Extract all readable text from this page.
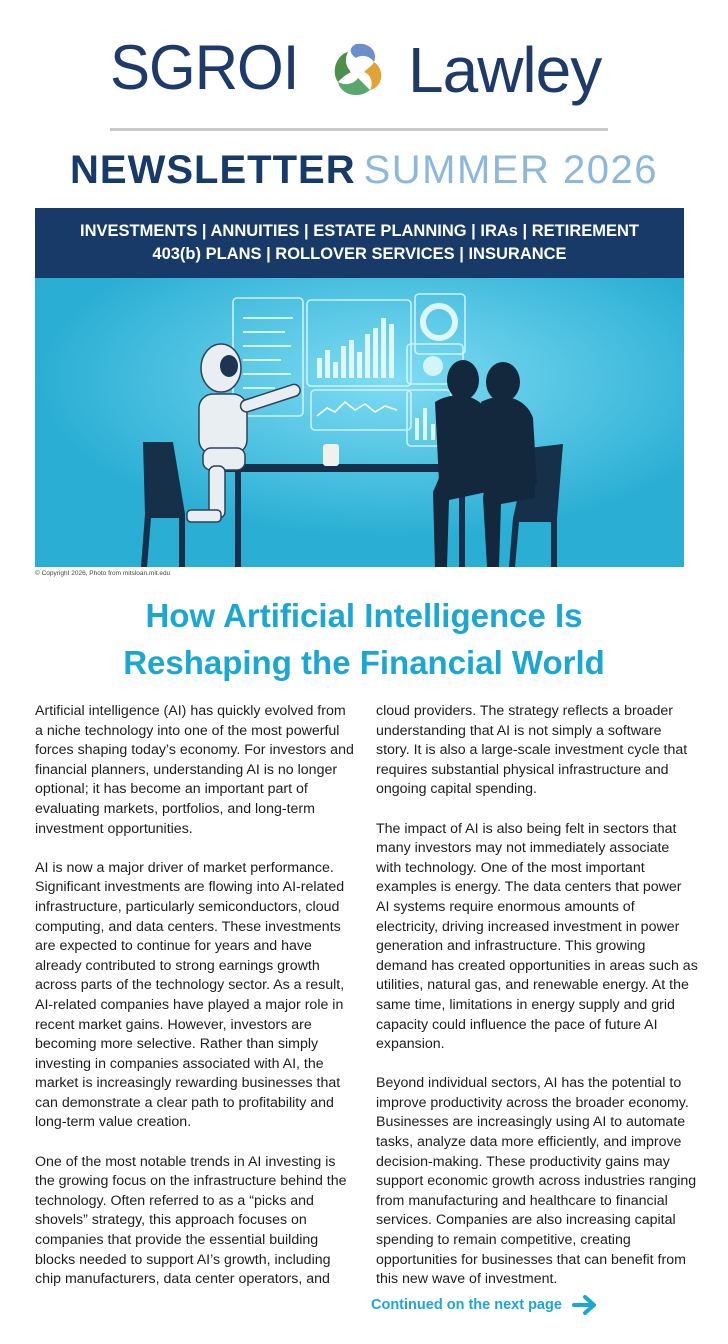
SGROI Lawley
NEWSLETTER SUMMER 2026
INVESTMENTS | ANNUITIES | ESTATE PLANNING | IRAs | RETIREMENT
403(b) PLANS | ROLLOVER SERVICES | INSURANCE
© Copyright 2026, Photo from mitsloan.mit.edu
How Artificial Intelligence Is
Reshaping the Financial World

Artificial intelligence (AI) has quickly evolved from a niche technology into one of the most powerful forces shaping today’s economy. For investors and financial planners, understanding AI is no longer optional; it has become an important part of evaluating markets, portfolios, and long-term investment opportunities.

AI is now a major driver of market performance. Significant investments are flowing into AI-related infrastructure, particularly semiconductors, cloud computing, and data centers. These investments are expected to continue for years and have already contributed to strong earnings growth across parts of the technology sector. As a result, AI-related companies have played a major role in recent market gains. However, investors are becoming more selective. Rather than simply investing in companies associated with AI, the market is increasingly rewarding businesses that can demonstrate a clear path to profitability and long-term value creation.

One of the most notable trends in AI investing is the growing focus on the infrastructure behind the technology. Often referred to as a “picks and shovels” strategy, this approach focuses on companies that provide the essential building blocks needed to support AI’s growth, including chip manufacturers, data center operators, and

cloud providers. The strategy reflects a broader understanding that AI is not simply a software story. It is also a large-scale investment cycle that requires substantial physical infrastructure and ongoing capital spending.

The impact of AI is also being felt in sectors that many investors may not immediately associate with technology. One of the most important examples is energy. The data centers that power AI systems require enormous amounts of electricity, driving increased investment in power generation and infrastructure. This growing demand has created opportunities in areas such as utilities, natural gas, and renewable energy. At the same time, limitations in energy supply and grid capacity could influence the pace of future AI expansion.

Beyond individual sectors, AI has the potential to improve productivity across the broader economy. Businesses are increasingly using AI to automate tasks, analyze data more efficiently, and improve decision-making. These productivity gains may support economic growth across industries ranging from manufacturing and healthcare to financial services. Companies are also increasing capital spending to remain competitive, creating opportunities for businesses that can benefit from this new wave of investment.

Continued on the next page
